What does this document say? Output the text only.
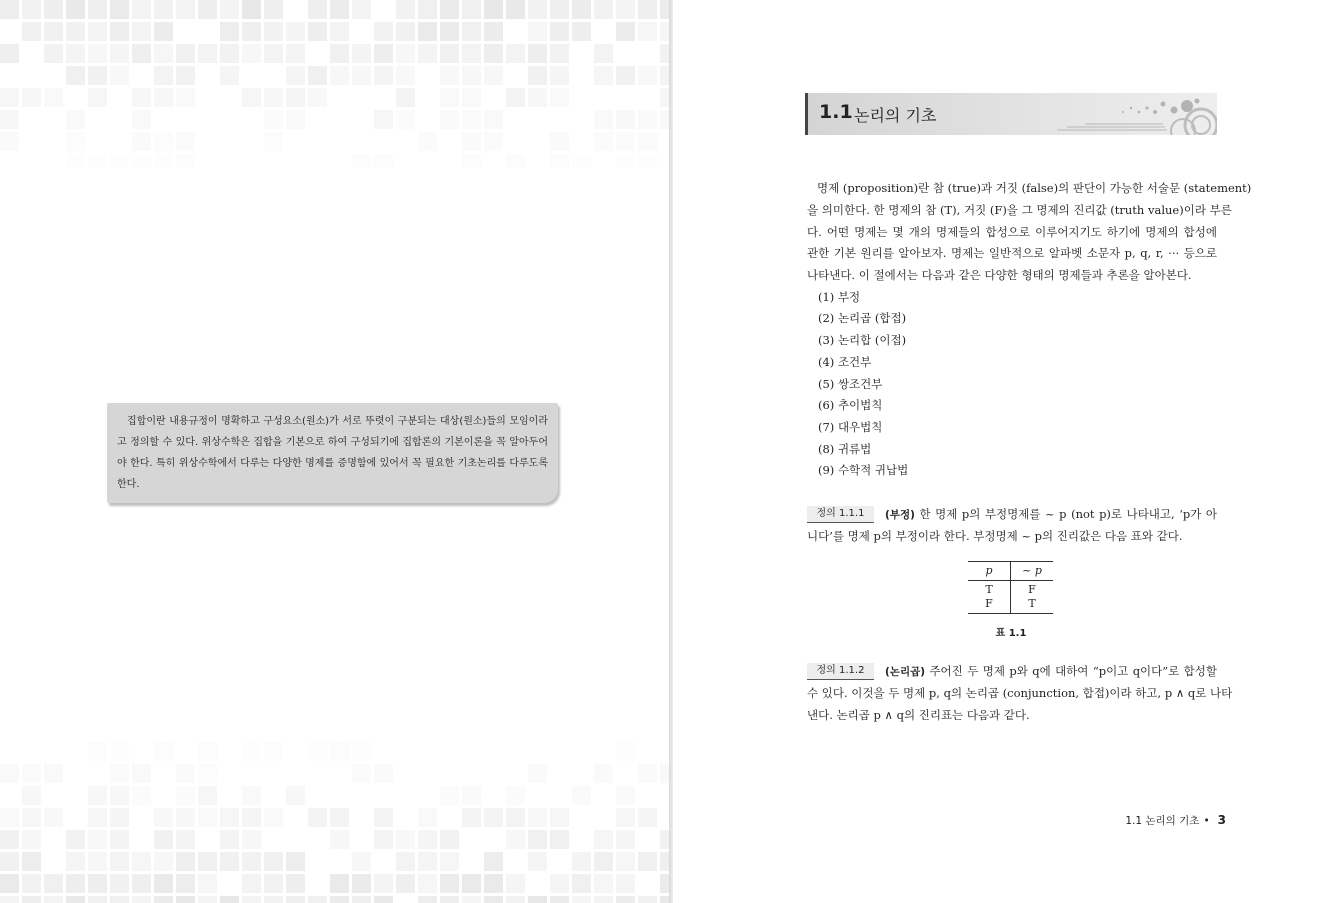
집합이란 내용규정이 명확하고 구성요소(원소)가 서로 뚜렷이 구분되는 대상(원소)들의 모임이라고 정의할 수 있다. 위상수학은 집합을 기본으로 하여 구성되기에 집합론의 기본이론을 꼭 알아두어야 한다. 특히 위상수학에서 다루는 다양한 명제를 증명함에 있어서 꼭 필요한 기초논리를 다루도록 한다.
1.1 논리의 기초
명제 (proposition)란 참 (true)과 거짓 (false)의 판단이 가능한 서술문 (statement)
을 의미한다. 한 명제의 참 (T), 거짓 (F)을 그 명제의 진리값 (truth value)이라 부른
다. 어떤 명제는 몇 개의 명제들의 합성으로 이루어지기도 하기에 명제의 합성에
관한 기본 원리를 알아보자. 명제는 일반적으로 알파벳 소문자 p, q, r, ··· 등으로
나타낸다. 이 절에서는 다음과 같은 다양한 형태의 명제들과 추론을 알아본다.
(1) 부정
(2) 논리곱 (합접)
(3) 논리합 (이접)
(4) 조건부
(5) 쌍조건부
(6) 추이법칙
(7) 대우법칙
(8) 귀류법
(9) 수학적 귀납법
정의 1.1.1	(부정) 한 명제 p의 부정명제를 ~ p (not p)로 나타내고, ‘p가 아
니다’를 명제 p의 부정이라 한다. 부정명제 ~ p의 진리값은 다음 표와 같다.
p	~ p
T	F
F	T
표 1.1
정의 1.1.2	(논리곱) 주어진 두 명제 p와 q에 대하여 “p이고 q이다”로 합성할
수 있다. 이것을 두 명제 p, q의 논리곱 (conjunction, 합접)이라 하고, p ∧ q로 나타
낸다. 논리곱 p ∧ q의 진리표는 다음과 같다.
1.1 논리의 기초 • 3
